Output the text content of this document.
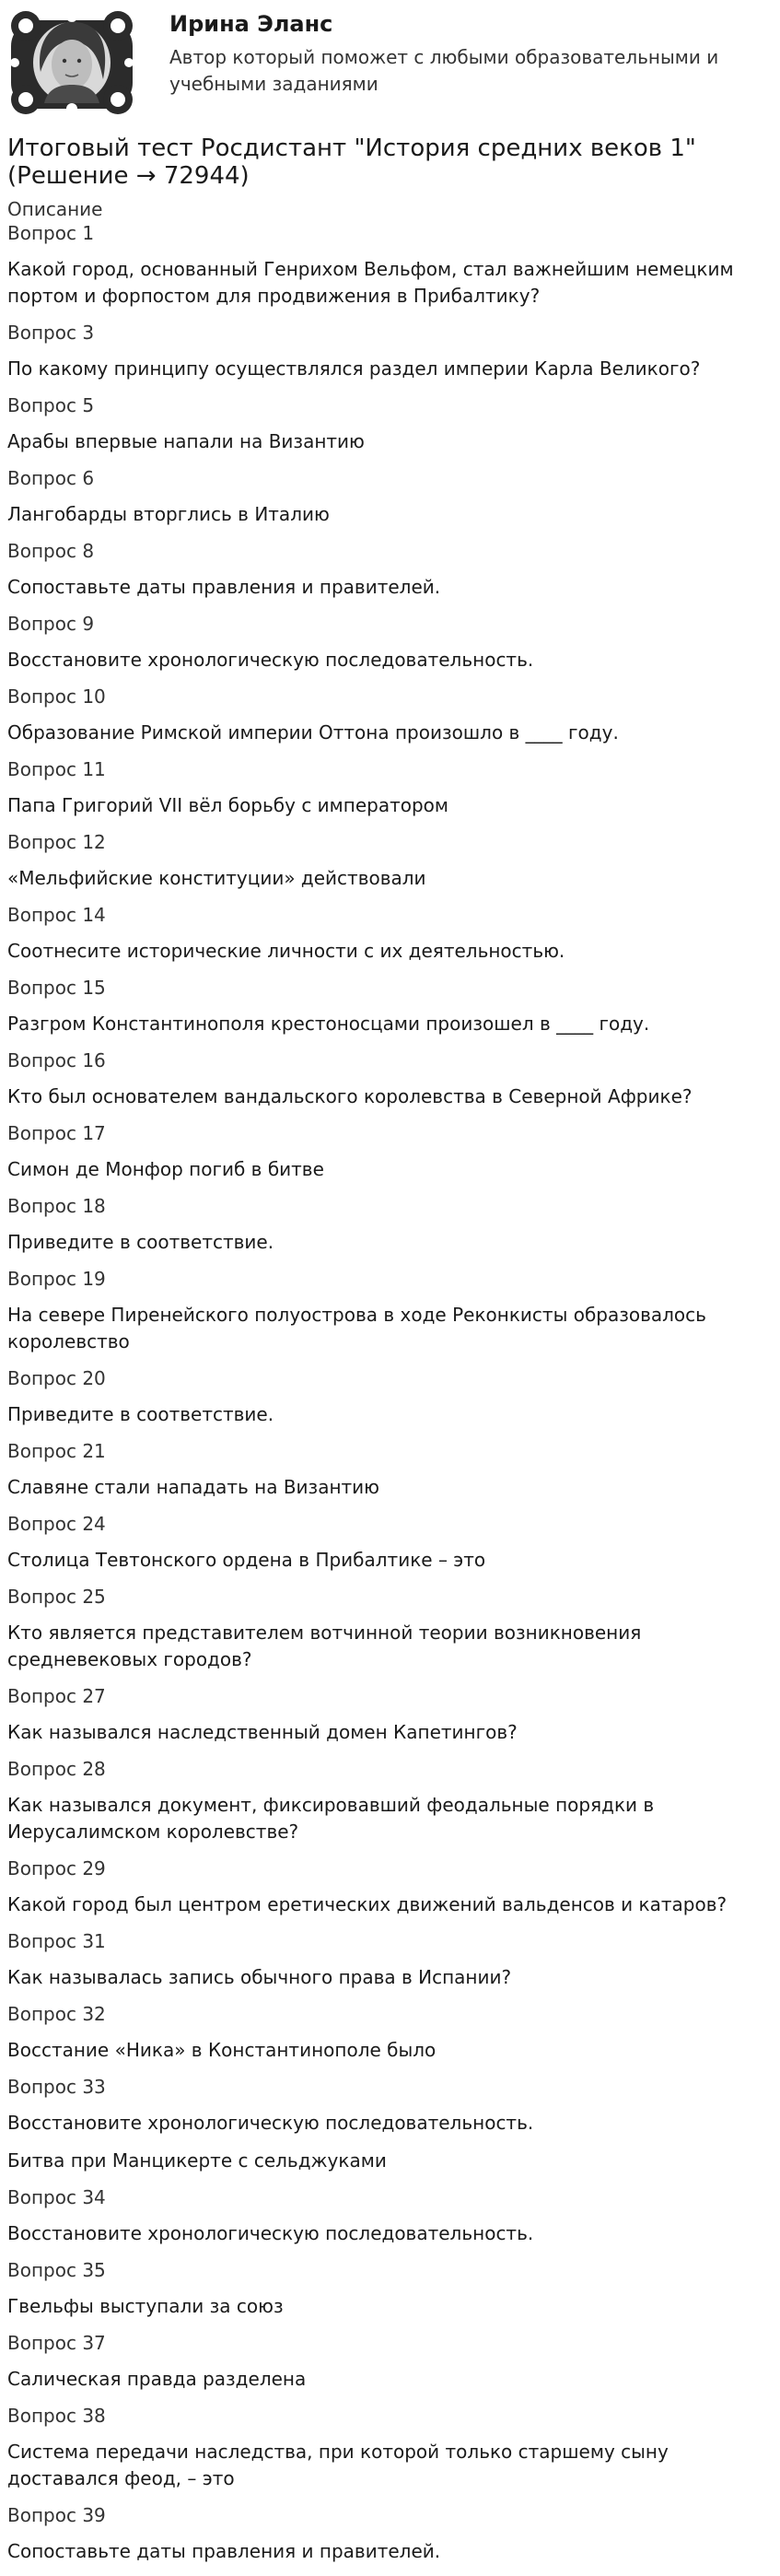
Ирина Эланс
Автор который поможет с любыми образовательными и учебными заданиями
Итоговый тест Росдистант "История средних веков 1" (Решение → 72944)
Описание
Вопрос 1
Какой город, основанный Генрихом Вельфом, стал важнейшим немецким портом и форпостом для продвижения в Прибалтику?
Вопрос 3
По какому принципу осуществлялся раздел империи Карла Великого?
Вопрос 5
Арабы впервые напали на Византию
Вопрос 6
Лангобарды вторглись в Италию
Вопрос 8
Сопоставьте даты правления и правителей.
Вопрос 9
Восстановите хронологическую последовательность.
Вопрос 10
Образование Римской империи Оттона произошло в ____ году.
Вопрос 11
Папа Григорий VII вёл борьбу с императором
Вопрос 12
«Мельфийские конституции» действовали
Вопрос 14
Соотнесите исторические личности с их деятельностью.
Вопрос 15
Разгром Константинополя крестоносцами произошел в ____ году.
Вопрос 16
Кто был основателем вандальского королевства в Северной Африке?
Вопрос 17
Симон де Монфор погиб в битве
Вопрос 18
Приведите в соответствие.
Вопрос 19
На севере Пиренейского полуострова в ходе Реконкисты образовалось королевство
Вопрос 20
Приведите в соответствие.
Вопрос 21
Славяне стали нападать на Византию
Вопрос 24
Столица Тевтонского ордена в Прибалтике – это
Вопрос 25
Кто является представителем вотчинной теории возникновения средневековых городов?
Вопрос 27
Как назывался наследственный домен Капетингов?
Вопрос 28
Как назывался документ, фиксировавший феодальные порядки в Иерусалимском королевстве?
Вопрос 29
Какой город был центром еретических движений вальденсов и катаров?
Вопрос 31
Как называлась запись обычного права в Испании?
Вопрос 32
Восстание «Ника» в Константинополе было
Вопрос 33
Восстановите хронологическую последовательность.
Битва при Манцикерте с сельджуками
Вопрос 34
Восстановите хронологическую последовательность.
Вопрос 35
Гвельфы выступали за союз
Вопрос 37
Салическая правда разделена
Вопрос 38
Система передачи наследства, при которой только старшему сыну доставался феод, – это
Вопрос 39
Сопоставьте даты правления и правителей.
